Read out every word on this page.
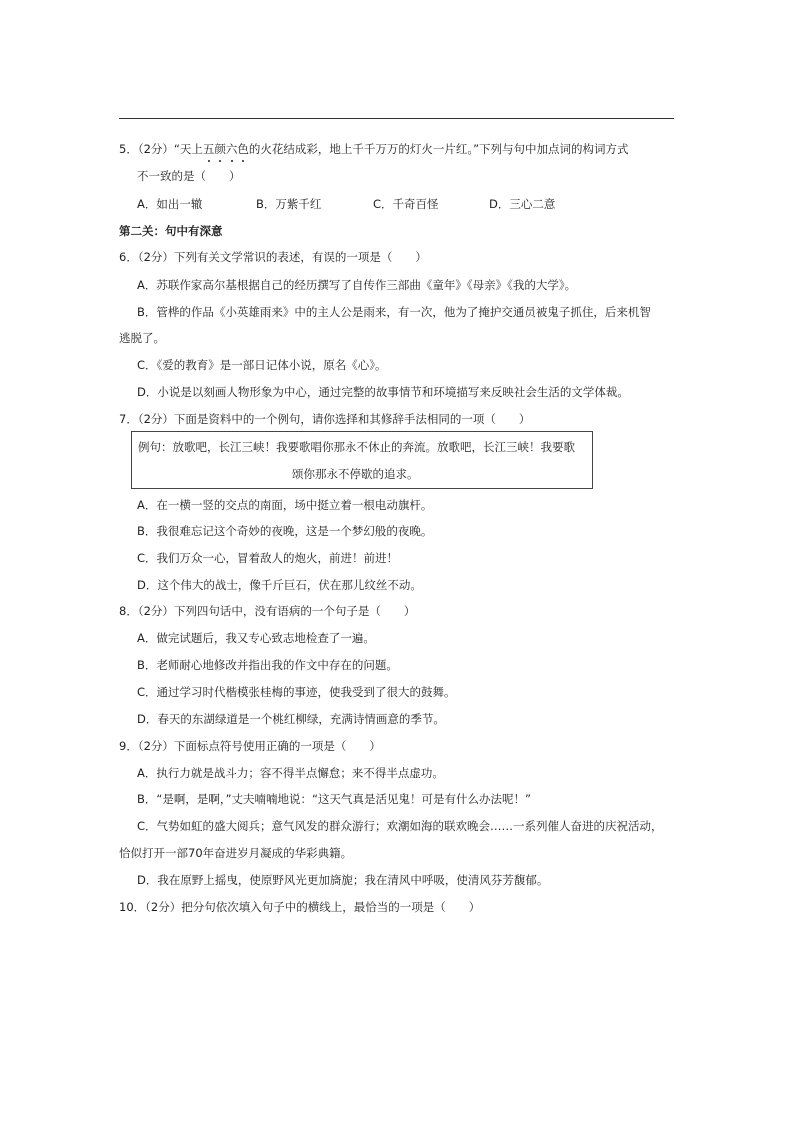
5．（2分）“天上五颜六色的火花结成彩，地上千千万万的灯火一片红。”下列与句中加点词的构词方式
不一致的是（　　）
A．如出一辙	B．万紫千红	C．千奇百怪	D．三心二意
第二关：句中有深意
6．（2分）下列有关文学常识的表述，有误的一项是（　　）
A．苏联作家高尔基根据自己的经历撰写了自传作三部曲《童年》《母亲》《我的大学》。
B．管桦的作品《小英雄雨来》中的主人公是雨来，有一次，他为了掩护交通员被鬼子抓住，后来机智
逃脱了。
C．《爱的教育》是一部日记体小说，原名《心》。
D．小说是以刻画人物形象为中心，通过完整的故事情节和环境描写来反映社会生活的文学体裁。
7．（2分）下面是资料中的一个例句，请你选择和其修辞手法相同的一项（　　）
例句：放歌吧，长江三峡！我要歌唱你那永不休止的奔流。放歌吧，长江三峡！我要歌
颂你那永不停歇的追求。
A．在一横一竖的交点的南面，场中挺立着一根电动旗杆。
B．我很难忘记这个奇妙的夜晚，这是一个梦幻般的夜晚。
C．我们万众一心，冒着敌人的炮火，前进！前进！
D．这个伟大的战士，像千斤巨石，伏在那儿纹丝不动。
8．（2分）下列四句话中，没有语病的一个句子是（　　）
A．做完试题后，我又专心致志地检查了一遍。
B．老师耐心地修改并指出我的作文中存在的问题。
C．通过学习时代楷模张桂梅的事迹，使我受到了很大的鼓舞。
D．春天的东湖绿道是一个桃红柳绿，充满诗情画意的季节。
9．（2分）下面标点符号使用正确的一项是（　　）
A．执行力就是战斗力；容不得半点懈怠；来不得半点虚功。
B．“是啊，是啊，”丈夫喃喃地说：“这天气真是活见鬼！可是有什么办法呢！”
C．气势如虹的盛大阅兵；意气风发的群众游行；欢潮如海的联欢晚会……一系列催人奋进的庆祝活动，
恰似打开一部70年奋进岁月凝成的华彩典籍。
D．我在原野上摇曳，使原野风光更加旖旎；我在清风中呼吸，使清风芬芳馥郁。
10．（2分）把分句依次填入句子中的横线上，最恰当的一项是（　　）
